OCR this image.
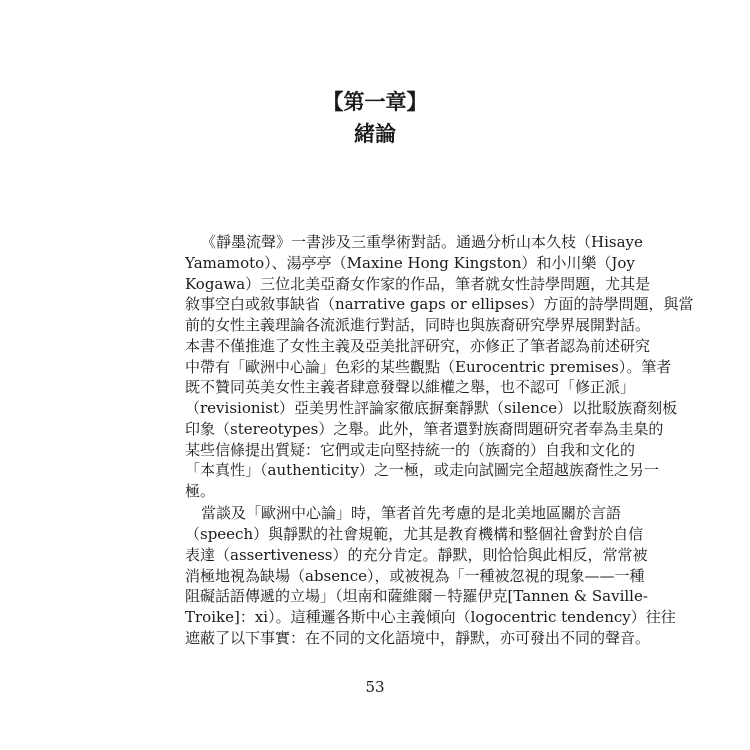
【第一章】
緒論
《靜墨流聲》一書涉及三重學術對話。通過分析山本久枝（Hisaye
Yamamoto）、湯亭亭（Maxine Hong Kingston）和小川樂（Joy
Kogawa）三位北美亞裔女作家的作品，筆者就女性詩學問題，尤其是
敘事空白或敘事缺省（narrative gaps or ellipses）方面的詩學問題，與當
前的女性主義理論各流派進行對話，同時也與族裔研究學界展開對話。
本書不僅推進了女性主義及亞美批評研究，亦修正了筆者認為前述研究
中帶有「歐洲中心論」色彩的某些觀點（Eurocentric premises）。筆者
既不贊同英美女性主義者肆意發聲以維權之舉，也不認可「修正派」
（revisionist）亞美男性評論家徹底摒棄靜默（silence）以批駁族裔刻板
印象（stereotypes）之舉。此外，筆者還對族裔問題研究者奉為圭臬的
某些信條提出質疑：它們或走向堅持統一的（族裔的）自我和文化的
「本真性」（authenticity）之一極，或走向試圖完全超越族裔性之另一
極。
當談及「歐洲中心論」時，筆者首先考慮的是北美地區關於言語
（speech）與靜默的社會規範，尤其是教育機構和整個社會對於自信
表達（assertiveness）的充分肯定。靜默，則恰恰與此相反，常常被
消極地視為缺場（absence），或被視為「一種被忽視的現象——一種
阻礙話語傳遞的立場」（坦南和薩維爾－特羅伊克[Tannen & Saville-
Troike]：xi）。這種邏各斯中心主義傾向（logocentric tendency）往往
遮蔽了以下事實：在不同的文化語境中，靜默，亦可發出不同的聲音。
53
